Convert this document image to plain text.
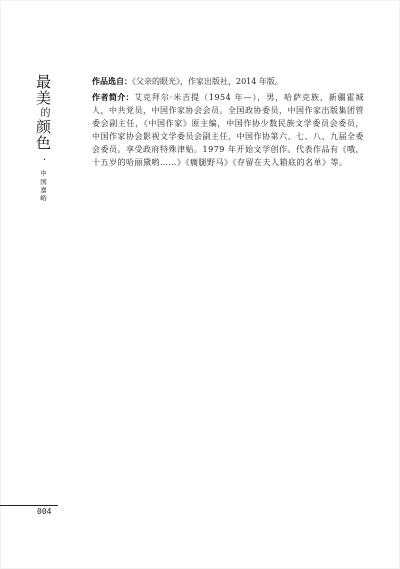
最美的颜色
·
中国嘉峪

作品选自：《父亲的眼光》，作家出版社，2014 年版。

作者简介：艾克拜尔·米吉提（1954 年—），男，哈萨克族，新疆霍城人，中共党员，中国作家协会会员。全国政协委员，中国作家出版集团管委会副主任，《中国作家》原主编，中国作协少数民族文学委员会委员，中国作家协会影视文学委员会副主任，中国作协第六、七、八、九届全委会委员。享受政府特殊津贴。1979 年开始文学创作。代表作品有《哦，十五岁的哈丽黛哟……》《瘸腿野马》《存留在夫人箱底的名单》等。

004
